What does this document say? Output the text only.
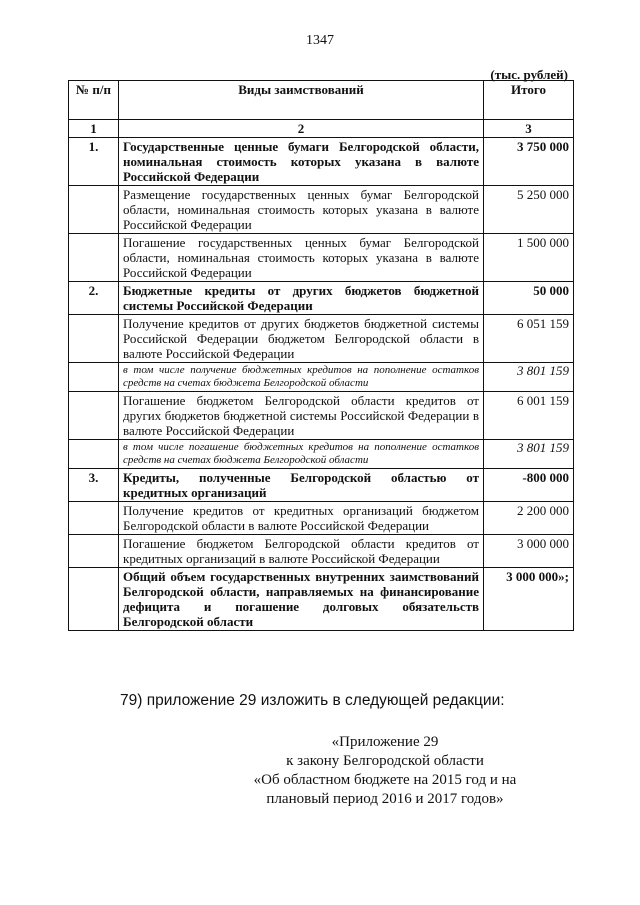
1347
(тыс. рублей)
№ п/п	Виды заимствований	Итого
1	2	3
1.	Государственные ценные бумаги Белгородской области, номинальная стоимость которых указана в валюте Российской Федерации	3 750 000
	Размещение государственных ценных бумаг Белгородской области, номинальная стоимость которых указана в валюте Российской Федерации	5 250 000
	Погашение государственных ценных бумаг Белгородской области, номинальная стоимость которых указана в валюте Российской Федерации	1 500 000
2.	Бюджетные кредиты от других бюджетов бюджетной системы Российской Федерации	50 000
	Получение кредитов от других бюджетов бюджетной системы Российской Федерации бюджетом Белгородской области в валюте Российской Федерации	6 051 159
	в том числе получение бюджетных кредитов на пополнение остатков средств на счетах бюджета Белгородской области	3 801 159
	Погашение бюджетом Белгородской области кредитов от других бюджетов бюджетной системы Российской Федерации в валюте Российской Федерации	6 001 159
	в том числе погашение бюджетных кредитов на пополнение остатков средств на счетах бюджета Белгородской области	3 801 159
3.	Кредиты, полученные Белгородской областью от кредитных организаций	-800 000
	Получение кредитов от кредитных организаций бюджетом Белгородской области в валюте Российской Федерации	2 200 000
	Погашение бюджетом Белгородской области кредитов от кредитных организаций в валюте Российской Федерации	3 000 000
	Общий объем государственных внутренних заимствований Белгородской области, направляемых на финансирование дефицита и погашение долговых обязательств Белгородской области	3 000 000»;
79) приложение 29 изложить в следующей редакции:
«Приложение 29
к закону Белгородской области
«Об областном бюджете на 2015 год и на
плановый период 2016 и 2017 годов»
